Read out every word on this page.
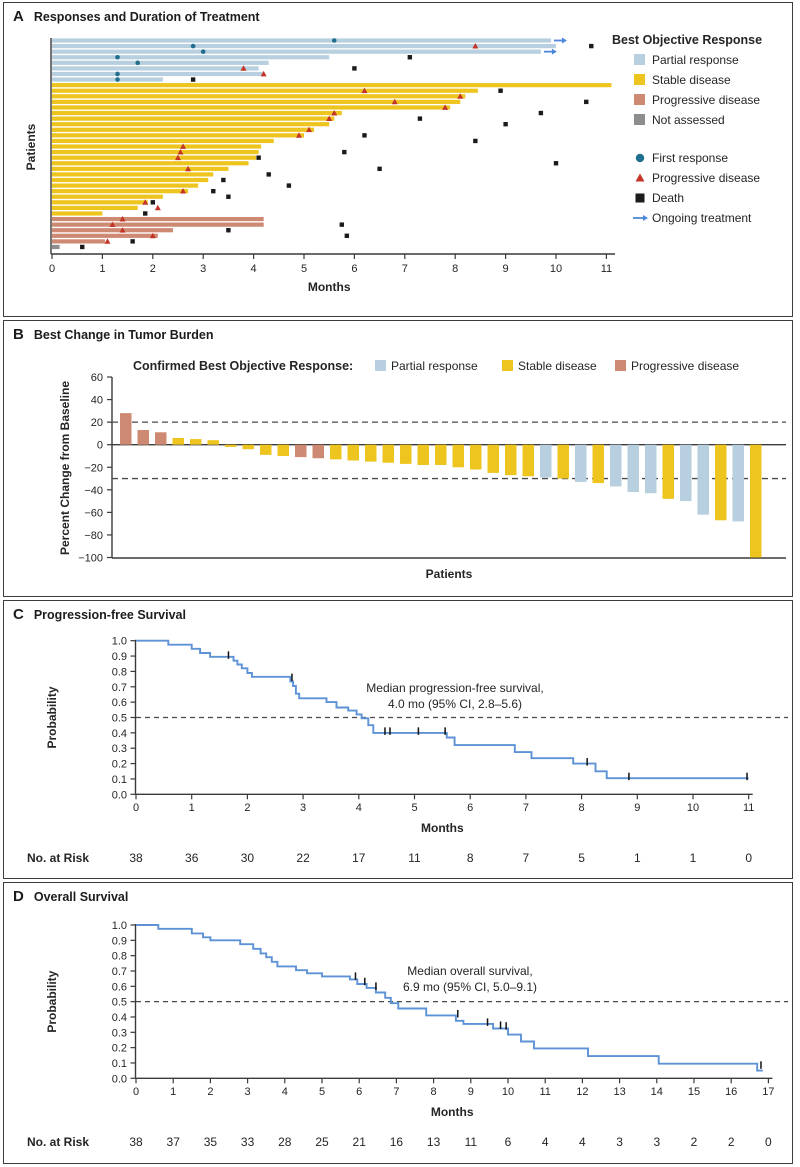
A Responses and Duration of Treatment
B Best Change in Tumor Burden
C Progression-free Survival
D Overall Survival
0	1	2	3	4	5	6	7	8	9	10	11
Months
Patients
Best Objective Response
Partial response
Stable disease
Progressive disease
Not assessed
First response
Progressive disease
Death
Ongoing treatment
Confirmed Best Objective Response:	Partial response	Stable disease	Progressive disease
60
40
20
0
−20
−40
−60
−80
−100
Percent Change from Baseline
Patients
1.0
0.9
0.8
0.7
0.6
0.5
0.4
0.3
0.2
0.1
0.0
0	1	2	3	4	5	6	7	8	9	10	11
Months
Probability	Median progression-free survival,
4.0 mo (95% CI, 2.8–5.6)
No. at Risk	38	36	30	22	17	11	8	7	5	1	1	0
1.0
0.9
0.8
0.7
0.6
0.5
0.4
0.3
0.2
0.1
0.0
0	1	2	3	4	5	6	7	8	9	10 11 12 13 14 15 16 17
Months
Probability	Median overall survival,
6.9 mo (95% CI, 5.0–9.1)
No. at Risk	38 37 35 33 28 25 21 16 13 11 6	4	4	3	3	2	2	0
